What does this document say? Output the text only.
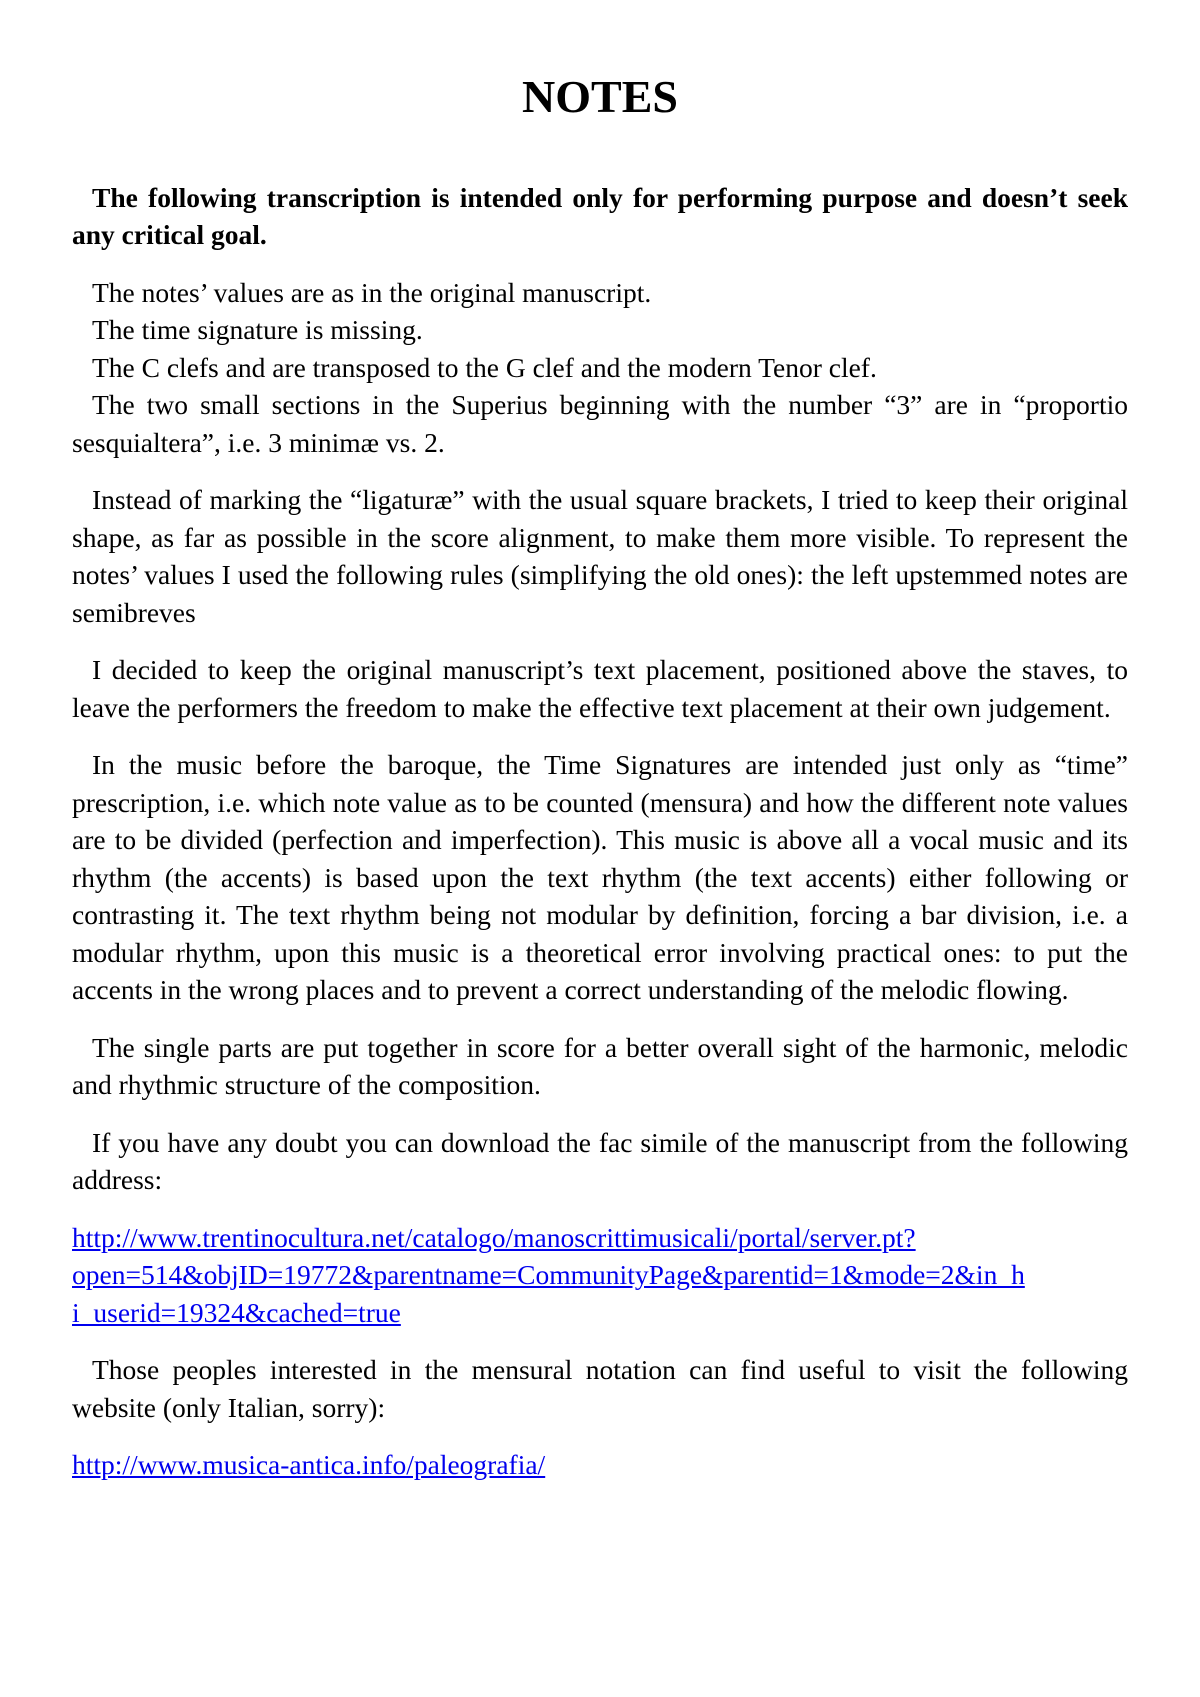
NOTES

The following transcription is intended only for performing purpose and doesn’t seek any critical goal.

The notes’ values are as in the original manuscript.
The time signature is missing.
The C clefs and are transposed to the G clef and the modern Tenor clef.
The two small sections in the Superius beginning with the number “3” are in “proportio sesquialtera”, i.e. 3 minimæ vs. 2.

Instead of marking the “ligaturæ” with the usual square brackets, I tried to keep their original shape, as far as possible in the score alignment, to make them more visible. To represent the notes’ values I used the following rules (simplifying the old ones): the left upstemmed notes are semibreves

I decided to keep the original manuscript’s text placement, positioned above the staves, to leave the performers the freedom to make the effective text placement at their own judgement.

In the music before the baroque, the Time Signatures are intended just only as “time” prescription, i.e. which note value as to be counted (mensura) and how the different note values are to be divided (perfection and imperfection). This music is above all a vocal music and its rhythm (the accents) is based upon the text rhythm (the text accents) either following or contrasting it. The text rhythm being not modular by definition, forcing a bar division, i.e. a modular rhythm, upon this music is a theoretical error involving practical ones: to put the accents in the wrong places and to prevent a correct understanding of the melodic flowing.

The single parts are put together in score for a better overall sight of the harmonic, melodic and rhythmic structure of the composition.

If you have any doubt you can download the fac simile of the manuscript from the following address:

http://www.trentinocultura.net/catalogo/manoscrittimusicali/portal/server.pt?
open=514&objID=19772&parentname=CommunityPage&parentid=1&mode=2&in_h
i_userid=19324&cached=true

Those peoples interested in the mensural notation can find useful to visit the following website (only Italian, sorry):

http://www.musica-antica.info/paleografia/
